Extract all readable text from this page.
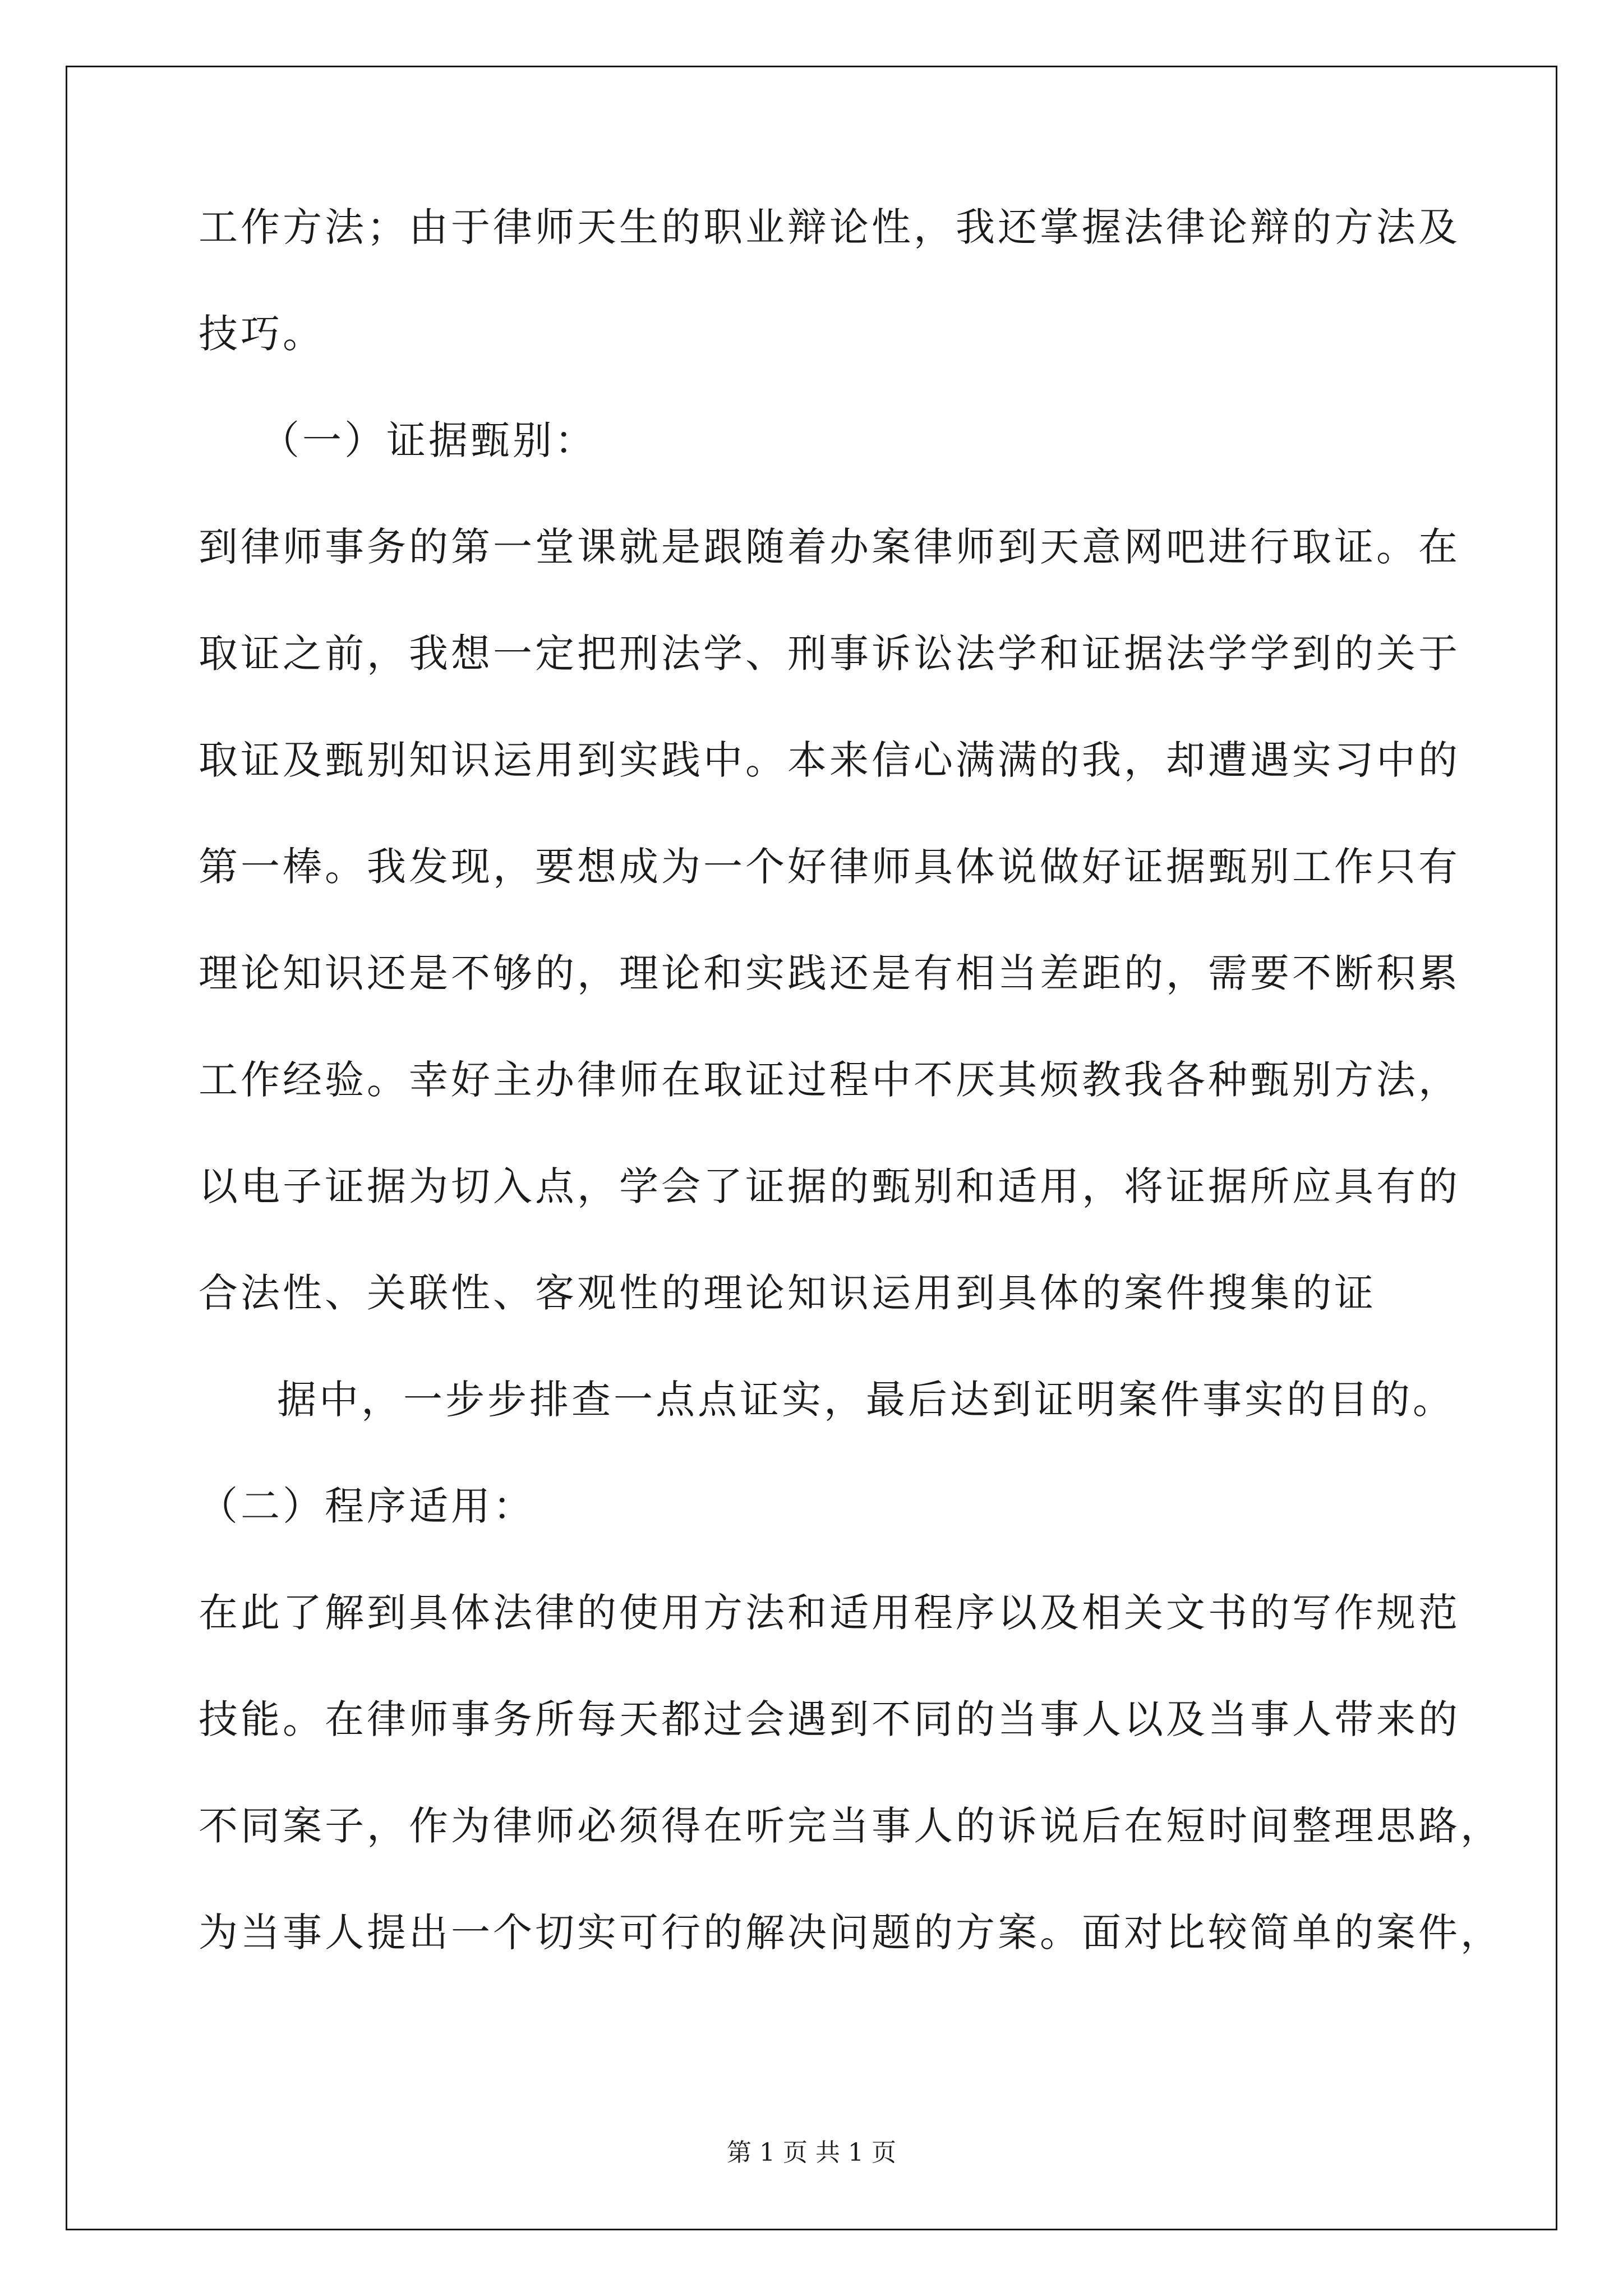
工作方法；由于律师天生的职业辩论性，我还掌握法律论辩的方法及
技巧。
（一）证据甄别：
到律师事务的第一堂课就是跟随着办案律师到天意网吧进行取证。在
取证之前，我想一定把刑法学、刑事诉讼法学和证据法学学到的关于
取证及甄别知识运用到实践中。本来信心满满的我，却遭遇实习中的
第一棒。我发现，要想成为一个好律师具体说做好证据甄别工作只有
理论知识还是不够的，理论和实践还是有相当差距的，需要不断积累
工作经验。幸好主办律师在取证过程中不厌其烦教我各种甄别方法，
以电子证据为切入点，学会了证据的甄别和适用，将证据所应具有的
合法性、关联性、客观性的理论知识运用到具体的案件搜集的证
据中，一步步排查一点点证实，最后达到证明案件事实的目的。
（二）程序适用：
在此了解到具体法律的使用方法和适用程序以及相关文书的写作规范
技能。在律师事务所每天都过会遇到不同的当事人以及当事人带来的
不同案子，作为律师必须得在听完当事人的诉说后在短时间整理思路，
为当事人提出一个切实可行的解决问题的方案。面对比较简单的案件，
第 1 页 共 1 页
